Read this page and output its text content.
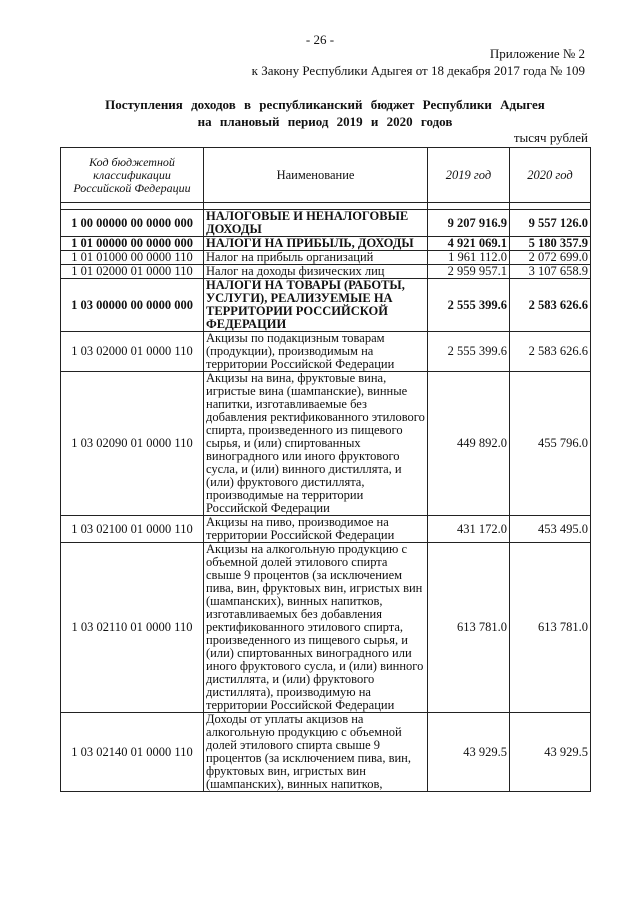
- 26 -
Приложение № 2
к Закону Республики Адыгея от 18 декабря 2017 года № 109
Поступления доходов в республиканский бюджет Республики Адыгея
на плановый период 2019 и 2020 годов
тысяч рублей
Код бюджетной классификации Российской Федерации	Наименование	2019 год	2020 год

1 00 00000 00 0000 000	НАЛОГОВЫЕ И НЕНАЛОГОВЫЕ ДОХОДЫ	9 207 916.9	9 557 126.0
1 01 00000 00 0000 000	НАЛОГИ НА ПРИБЫЛЬ, ДОХОДЫ	4 921 069.1	5 180 357.9
1 01 01000 00 0000 110	Налог на прибыль организаций	1 961 112.0	2 072 699.0
1 01 02000 01 0000 110	Налог на доходы физических лиц	2 959 957.1	3 107 658.9
1 03 00000 00 0000 000	НАЛОГИ НА ТОВАРЫ (РАБОТЫ, УСЛУГИ), РЕАЛИЗУЕМЫЕ НА ТЕРРИТОРИИ РОССИЙСКОЙ ФЕДЕРАЦИИ	2 555 399.6	2 583 626.6
1 03 02000 01 0000 110	Акцизы по подакцизным товарам (продукции), производимым на территории Российской Федерации	2 555 399.6	2 583 626.6
1 03 02090 01 0000 110	Акцизы на вина, фруктовые вина, игристые вина (шампанские), винные напитки, изготавливаемые без добавления ректификованного этилового спирта, произведенного из пищевого сырья, и (или) спиртованных виноградного или иного фруктового сусла, и (или) винного дистиллята, и (или) фруктового дистиллята, производимые на территории Российской Федерации	449 892.0	455 796.0
1 03 02100 01 0000 110	Акцизы на пиво, производимое на территории Российской Федерации	431 172.0	453 495.0
1 03 02110 01 0000 110	Акцизы на алкогольную продукцию с объемной долей этилового спирта свыше 9 процентов (за исключением пива, вин, фруктовых вин, игристых вин (шампанских), винных напитков, изготавливаемых без добавления ректификованного этилового спирта, произведенного из пищевого сырья, и (или) спиртованных виноградного или иного фруктового сусла, и (или) винного дистиллята, и (или) фруктового дистиллята), производимую на территории Российской Федерации	613 781.0	613 781.0
1 03 02140 01 0000 110	Доходы от уплаты акцизов на алкогольную продукцию с объемной долей этилового спирта свыше 9 процентов (за исключением пива, вин, фруктовых вин, игристых вин (шампанских), винных напитков,	43 929.5	43 929.5
